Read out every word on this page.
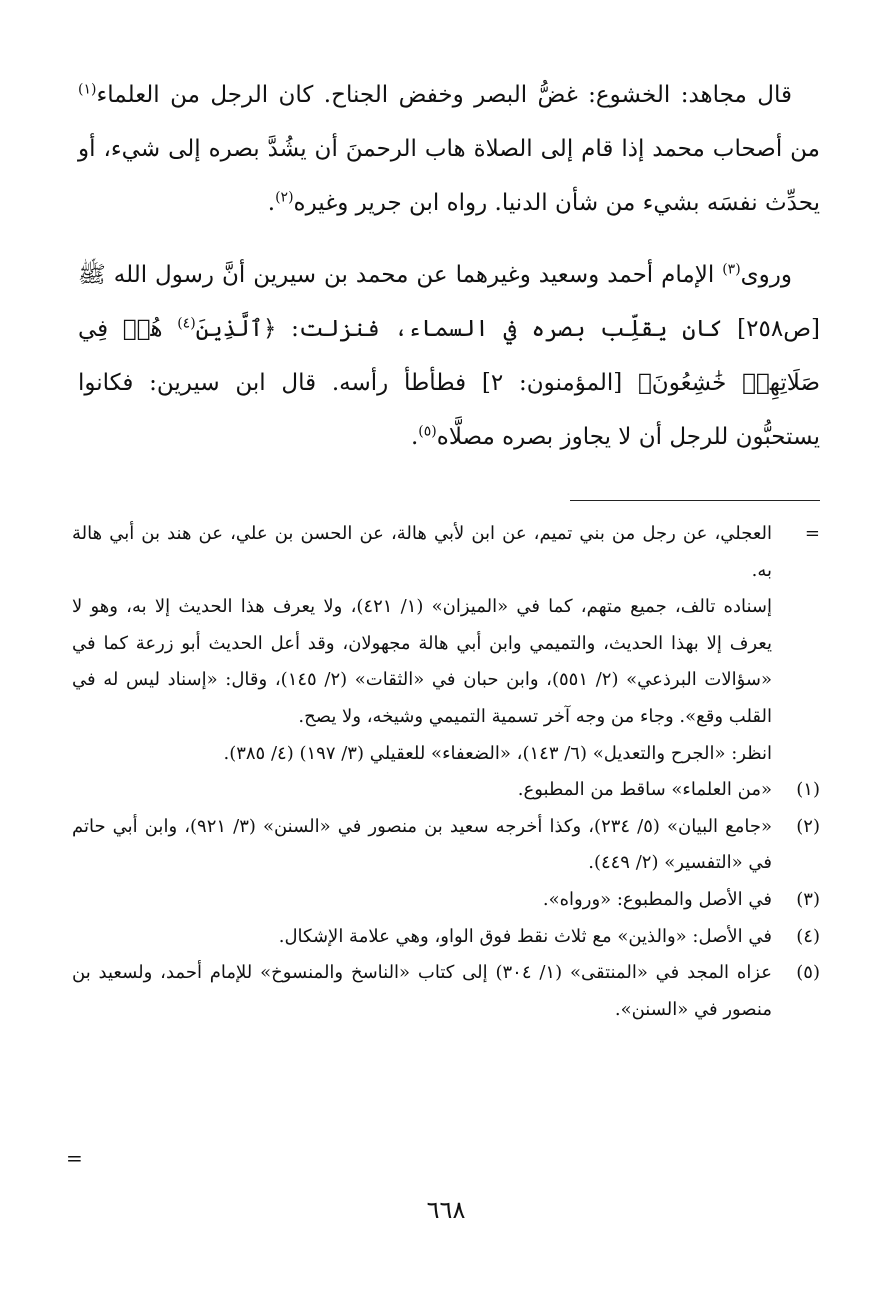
قال مجاهد: الخشوع: غضُّ البصر وخفض الجناح. كان الرجل من العلماء$^{(١)}$ من أصحاب محمد إذا قام إلى الصلاة هاب الرحمنَ أن يشُدَّ بصره إلى شيء، أو يحدِّث نفسَه بشيء من شأن الدنيا. رواه ابن جرير وغيره$^{(٢)}$.

وروى$^{(٣)}$ الإمام أحمد وسعيد وغيرهما عن محمد بن سيرين أنَّ رسول الله ﷺ [ص٢٥٨] كان يقلِّب بصره في السماء، فنزلت: ﴿ٱلَّذِينَ$^{(٤)}$ هُمۡ فِي صَلَاتِهِمۡ خَٰشِعُونَ﴾ [المؤمنون: ٢] فطأطأ رأسه. قال ابن سيرين: فكانوا يستحبُّون للرجل أن لا يجاوز بصره مصلَّاه$^{(٥)}$.

=
العجلي، عن رجل من بني تميم، عن ابن لأبي هالة، عن الحسن بن علي، عن هند بن أبي هالة به.
إسناده تالف، جميع متهم، كما في «الميزان» (١/ ٤٢١)، ولا يعرف هذا الحديث إلا به، وهو لا يعرف إلا بهذا الحديث، والتميمي وابن أبي هالة مجهولان، وقد أعل الحديث أبو زرعة كما في «سؤالات البرذعي» (٢/ ٥٥١)، وابن حبان في «الثقات» (٢/ ١٤٥)، وقال: «إسناد ليس له في القلب وقع». وجاء من وجه آخر تسمية التميمي وشيخه، ولا يصح.
انظر: «الجرح والتعديل» (٦/ ١٤٣)، «الضعفاء» للعقيلي (٣/ ١٩٧) (٤/ ٣٨٥).
(١)
«من العلماء» ساقط من المطبوع.
(٢)
«جامع البيان» (٥/ ٢٣٤)، وكذا أخرجه سعيد بن منصور في «السنن» (٣/ ٩٢١)، وابن أبي حاتم في «التفسير» (٢/ ٤٤٩).
(٣)
في الأصل والمطبوع: «ورواه».
(٤)
في الأصل: «والذين» مع ثلاث نقط فوق الواو، وهي علامة الإشكال.
(٥)
عزاه المجد في «المنتقى» (١/ ٣٠٤) إلى كتاب «الناسخ والمنسوخ» للإمام أحمد، ولسعيد بن منصور في «السنن».
=
٦٦٨
